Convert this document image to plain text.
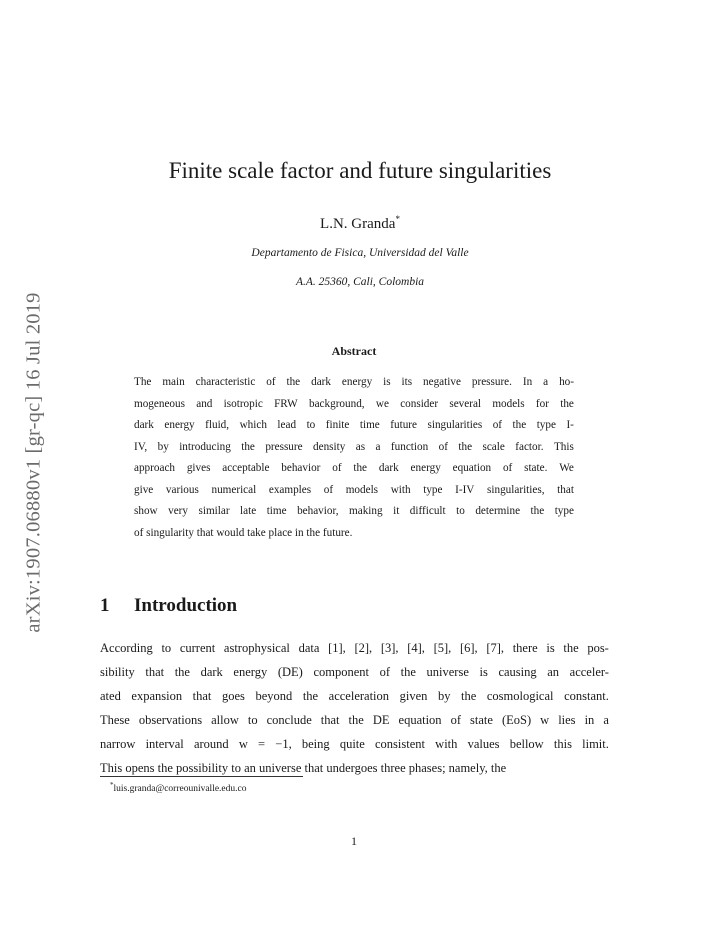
arXiv:1907.06880v1 [gr-qc] 16 Jul 2019
Finite scale factor and future singularities
L.N. Granda*
Departamento de Fisica, Universidad del Valle
A.A. 25360, Cali, Colombia
Abstract
The main characteristic of the dark energy is its negative pressure. In a ho-
mogeneous and isotropic FRW background, we consider several models for the
dark energy fluid, which lead to finite time future singularities of the type I-
IV, by introducing the pressure density as a function of the scale factor. This
approach gives acceptable behavior of the dark energy equation of state. We
give various numerical examples of models with type I-IV singularities, that
show very similar late time behavior, making it difficult to determine the type
of singularity that would take place in the future.
1 Introduction
According to current astrophysical data [1], [2], [3], [4], [5], [6], [7], there is the pos-
sibility that the dark energy (DE) component of the universe is causing an acceler-
ated expansion that goes beyond the acceleration given by the cosmological constant.
These observations allow to conclude that the DE equation of state (EoS) w lies in a
narrow interval around w = −1, being quite consistent with values bellow this limit.
This opens the possibility to an universe that undergoes three phases; namely, the
*luis.granda@correounivalle.edu.co
1
